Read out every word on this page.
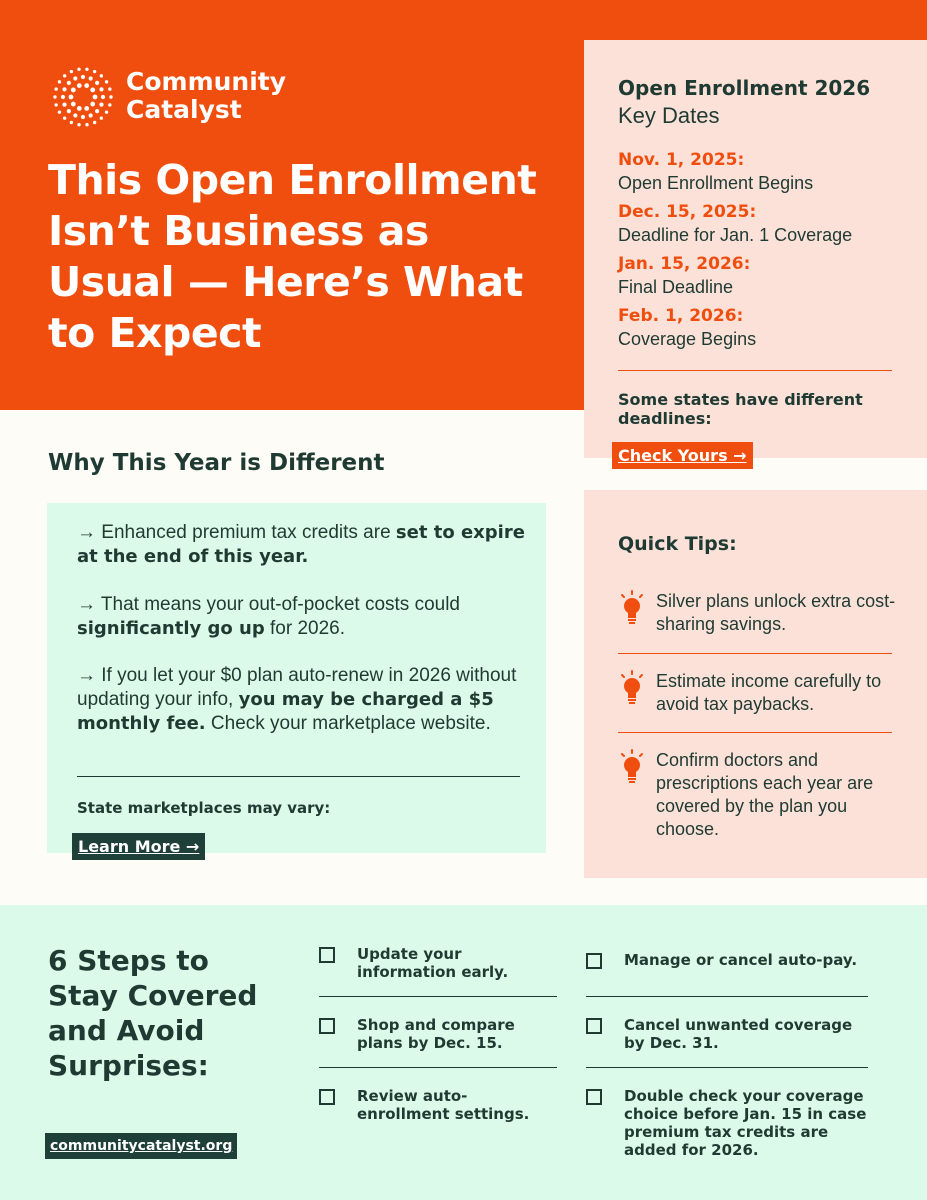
Community
Catalyst
This Open Enrollment Isn’t Business as Usual — Here’s What to Expect
Open Enrollment 2026
Key Dates
Nov. 1, 2025:
Open Enrollment Begins
Dec. 15, 2025:
Deadline for Jan. 1 Coverage
Jan. 15, 2026:
Final Deadline
Feb. 1, 2026:
Coverage Begins
Some states have different deadlines:
Check Yours →
Why This Year is Different

→ Enhanced premium tax credits are set to expire at the end of this year.

→ That means your out-of-pocket costs could significantly go up for 2026.

→ If you let your $0 plan auto-renew in 2026 without updating your info, you may be charged a $5 monthly fee. Check your marketplace website.

State marketplaces may vary:
Learn More →
Quick Tips:
Silver plans unlock extra cost-sharing savings.
Estimate income carefully to avoid tax paybacks.
Confirm doctors and prescriptions each year are covered by the plan you choose.
6 Steps to Stay Covered and Avoid Surprises:
communitycatalyst.org
Update your information early.
Shop and compare plans by Dec. 15.
Review auto-enrollment settings.
Manage or cancel auto-pay.
Cancel unwanted coverage by Dec. 31.
Double check your coverage choice before Jan. 15 in case premium tax credits are added for 2026.
